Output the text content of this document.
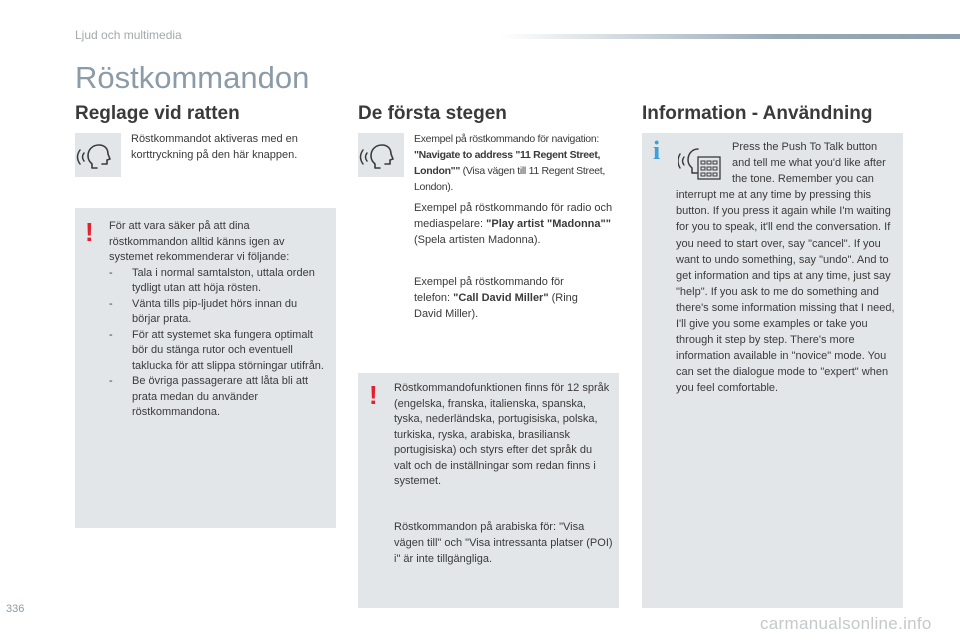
Ljud och multimedia
Röstkommandon
Reglage vid ratten
Röstkommandot aktiveras med en korttryckning på den här knappen.
! För att vara säker på att dina röstkommandon alltid känns igen av systemet rekommenderar vi följande:
-	Tala i normal samtalston, uttala orden tydligt utan att höja rösten.
-	Vänta tills pip-ljudet hörs innan du börjar prata.
-	För att systemet ska fungera optimalt bör du stänga rutor och eventuell taklucka för att slippa störningar utifrån.
-	Be övriga passagerare att låta bli att prata medan du använder röstkommandona.
De första stegen
Exempel på röstkommando för navigation: "Navigate to address "11 Regent Street, London"" (Visa vägen till 11 Regent Street, London).
Exempel på röstkommando för radio och mediaspelare: "Play artist "Madonna"" (Spela artisten Madonna).
Exempel på röstkommando för telefon: "Call David Miller" (Ring David Miller).
! Röstkommandofunktionen finns för 12 språk (engelska, franska, italienska, spanska, tyska, nederländska, portugisiska, polska, turkiska, ryska, arabiska, brasiliansk portugisiska) och styrs efter det språk du valt och de inställningar som redan finns i systemet.
Röstkommandon på arabiska för: "Visa vägen till" och "Visa intressanta platser (POI) i" är inte tillgängliga.
Information - Användning
i	Press the Push To Talk button and tell me what you'd like after the tone. Remember you can interrupt me at any time by pressing this button. If you press it again while I'm waiting for you to speak, it'll end the conversation. If you need to start over, say "cancel". If you want to undo something, say "undo". And to get information and tips at any time, just say "help". If you ask to me do something and there's some information missing that I need, I'll give you some examples or take you through it step by step. There's more information available in "novice" mode. You can set the dialogue mode to "expert" when you feel comfortable.
336
carmanualsonline.info
